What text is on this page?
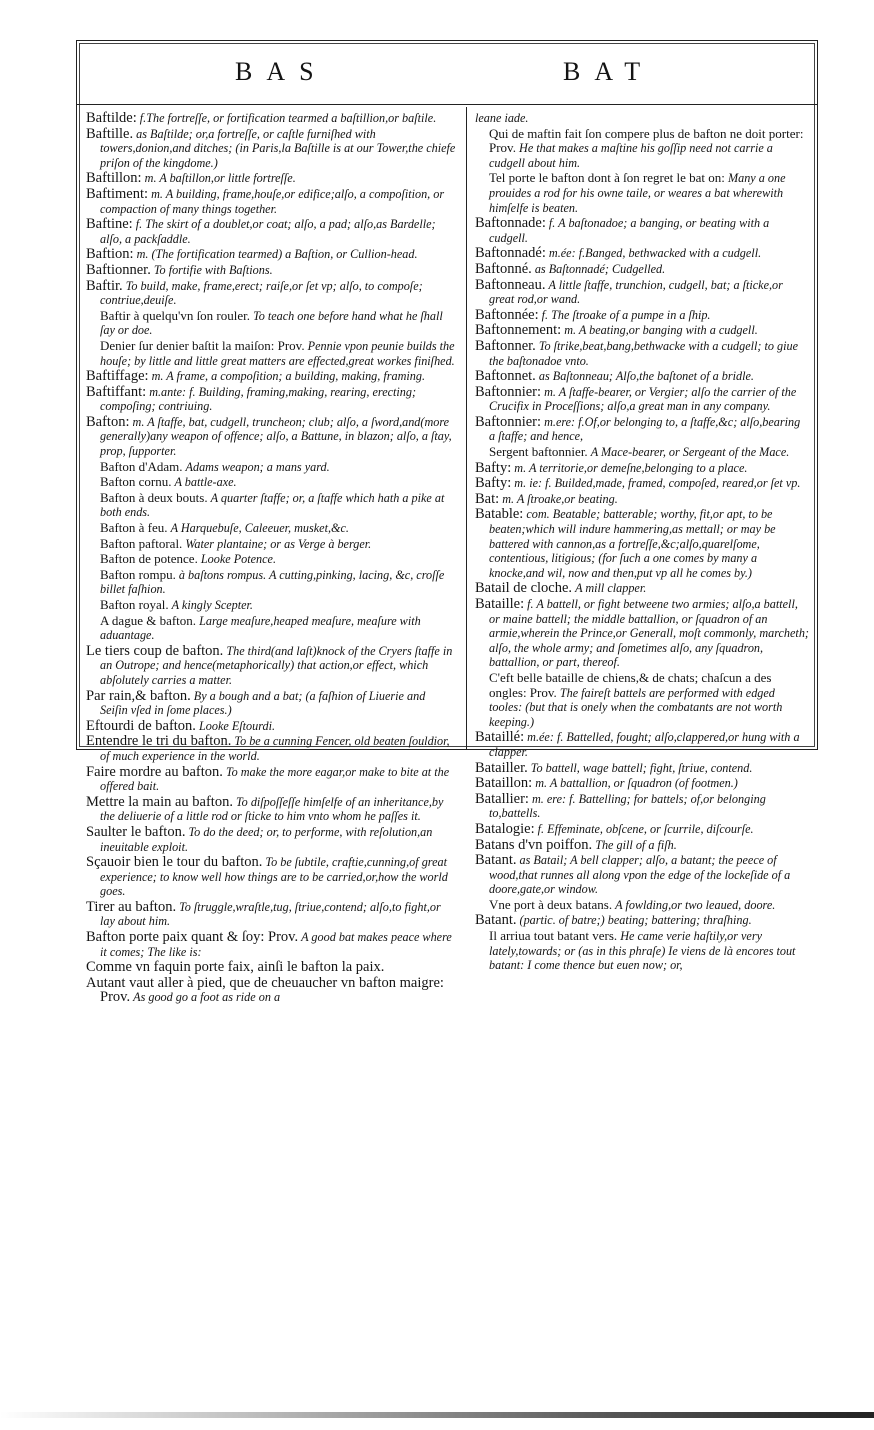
BAS	BAT
Baftilde: f.The fortreſſe, or fortification tearmed a baſtillion,or baſtile.
Baftille. as Baſtilde; or,a fortreſſe, or caſtle furniſhed with towers,donion,and ditches; (in Paris,la Baſtille is at our Tower,the chiefe priſon of the kingdome.)
Baftillon: m. A baſtillon,or little fortreſſe.
Baftiment: m. A building, frame,houſe,or edifice;alſo, a compoſition, or compaction of many things together.
Baftine: f. The skirt of a doublet,or coat; alſo, a pad; alſo,as Bardelle; alſo, a packſaddle.
Baftion: m. (The fortification tearmed) a Baſtion, or Cullion-head.
Baftionner. To fortifie with Baſtions.
Baftir. To build, make, frame,erect; raiſe,or ſet vp; alſo, to compoſe; contriue,deuiſe.
Baftir à quelqu'vn ſon rouler. To teach one before hand what he ſhall ſay or doe.
Denier ſur denier baſtit la maiſon: Prov. Pennie vpon peunie builds the houſe; by little and little great matters are effected,great workes finiſhed.
Baftiffage: m. A frame, a compoſition; a building, making, framing.
Baftiffant: m.ante: f. Building, framing,making, rearing, erecting; compoſing; contriuing.
Bafton: m. A ſtaffe, bat, cudgell, truncheon; club; alſo, a ſword,and(more generally)any weapon of offence; alſo, a Battune, in blazon; alſo, a ſtay, prop, ſupporter.
Bafton d'Adam. Adams weapon; a mans yard.
Bafton cornu. A battle-axe.
Bafton à deux bouts. A quarter ſtaffe; or, a ſtaffe which hath a pike at both ends.
Bafton à feu. A Harquebuſe, Caleeuer, musket,&c.
Bafton paftoral. Water plantaine; or as Verge à berger.
Bafton de potence. Looke Potence.
Bafton rompu. à baſtons rompus. A cutting,pinking, lacing, &c, croſſe billet faſhion.
Bafton royal. A kingly Scepter.
A dague & bafton. Large meaſure,heaped meaſure, meaſure with aduantage.
Le tiers coup de bafton. The third(and laſt)knock of the Cryers ſtaffe in an Outrope; and hence(metaphorically) that action,or effect, which abſolutely carries a matter.
Par rain,& bafton. By a bough and a bat; (a faſhion of Liuerie and Seiſin vſed in ſome places.)
Eftourdi de bafton. Looke Eſtourdi.
Entendre le tri du bafton. To be a cunning Fencer, old beaten ſouldior, of much experience in the world.
Faire mordre au bafton. To make the more eagar,or make to bite at the offered bait.
Mettre la main au bafton. To diſpoſſeſſe himſelfe of an inheritance,by the deliuerie of a little rod or ſticke to him vnto whom he paſſes it.
Saulter le bafton. To do the deed; or, to performe, with reſolution,an ineuitable exploit.
Sçauoir bien le tour du bafton. To be ſubtile, craftie,cunning,of great experience; to know well how things are to be carried,or,how the world goes.
Tirer au bafton. To ſtruggle,wraſtle,tug, ſtriue,contend; alſo,to fight,or lay about him.
Bafton porte paix quant & ſoy: Prov. A good bat makes peace where it comes; The like is:
Comme vn faquin porte faix, ainſi le bafton la paix.
Autant vaut aller à pied, que de cheuaucher vn bafton maigre: Prov. As good go a foot as ride on a
leane iade.
Qui de maftin fait ſon compere plus de bafton ne doit porter: Prov. He that makes a maſtine his goſſip need not carrie a cudgell about him.
Tel porte le bafton dont à ſon regret le bat on: Many a one prouides a rod for his owne taile, or weares a bat wherewith himſelfe is beaten.
Baftonnade: f. A baſtonadoe; a banging, or beating with a cudgell.
Baftonnadé: m.ée: f.Banged, bethwacked with a cudgell.
Baftonné. as Baſtonnadé; Cudgelled.
Baftonneau. A little ſtaffe, trunchion, cudgell, bat; a ſticke,or great rod,or wand.
Baftonnée: f. The ſtroake of a pumpe in a ſhip.
Baftonnement: m. A beating,or banging with a cudgell.
Baftonner. To ſtrike,beat,bang,bethwacke with a cudgell; to giue the baſtonadoe vnto.
Baftonnet. as Baſtonneau; Alſo,the baſtonet of a bridle.
Baftonnier: m. A ſtaffe-bearer, or Vergier; alſo the carrier of the Crucifix in Proceſſions; alſo,a great man in any company.
Baftonnier: m.ere: f.Of,or belonging to, a ſtaffe,&c; alſo,bearing a ſtaffe; and hence,
Sergent baftonnier. A Mace-bearer, or Sergeant of the Mace.
Bafty: m. A territorie,or demeſne,belonging to a place.
Bafty: m. ie: f. Builded,made, framed, compoſed, reared,or ſet vp.
Bat: m. A ſtroake,or beating.
Batable: com. Beatable; batterable; worthy, fit,or apt, to be beaten;which will indure hammering,as mettall; or may be battered with cannon,as a fortreſſe,&c;alſo,quarelſome, contentious, litigious; (for ſuch a one comes by many a knocke,and wil, now and then,put vp all he comes by.)
Batail de cloche. A mill clapper.
Bataille: f. A battell, or fight betweene two armies; alſo,a battell, or maine battell; the middle battallion, or ſquadron of an armie,wherein the Prince,or Generall, moſt commonly, marcheth; alſo, the whole army; and ſometimes alſo, any ſquadron, battallion, or part, thereof.
C'eft belle bataille de chiens,& de chats; chaſcun a des ongles: Prov. The faireſt battels are performed with edged tooles: (but that is onely when the combatants are not worth keeping.)
Bataillé: m.ée: f. Battelled, fought; alſo,clappered,or hung with a clapper.
Batailler. To battell, wage battell; fight, ſtriue, contend.
Bataillon: m. A battallion, or ſquadron (of footmen.)
Batallier: m. ere: f. Battelling; for battels; of,or belonging to,battells.
Batalogie: f. Effeminate, obſcene, or ſcurrile, diſcourſe.
Batans d'vn poiffon. The gill of a fiſh.
Batant. as Batail; A bell clapper; alſo, a batant; the peece of wood,that runnes all along vpon the edge of the lockeſide of a doore,gate,or window.
Vne port à deux batans. A fowlding,or two leaued, doore.
Batant. (partic. of batre;) beating; battering; thraſhing.
Il arriua tout batant vers. He came verie haſtily,or very lately,towards; or (as in this phraſe) Ie viens de là encores tout batant: I come thence but euen now; or,
